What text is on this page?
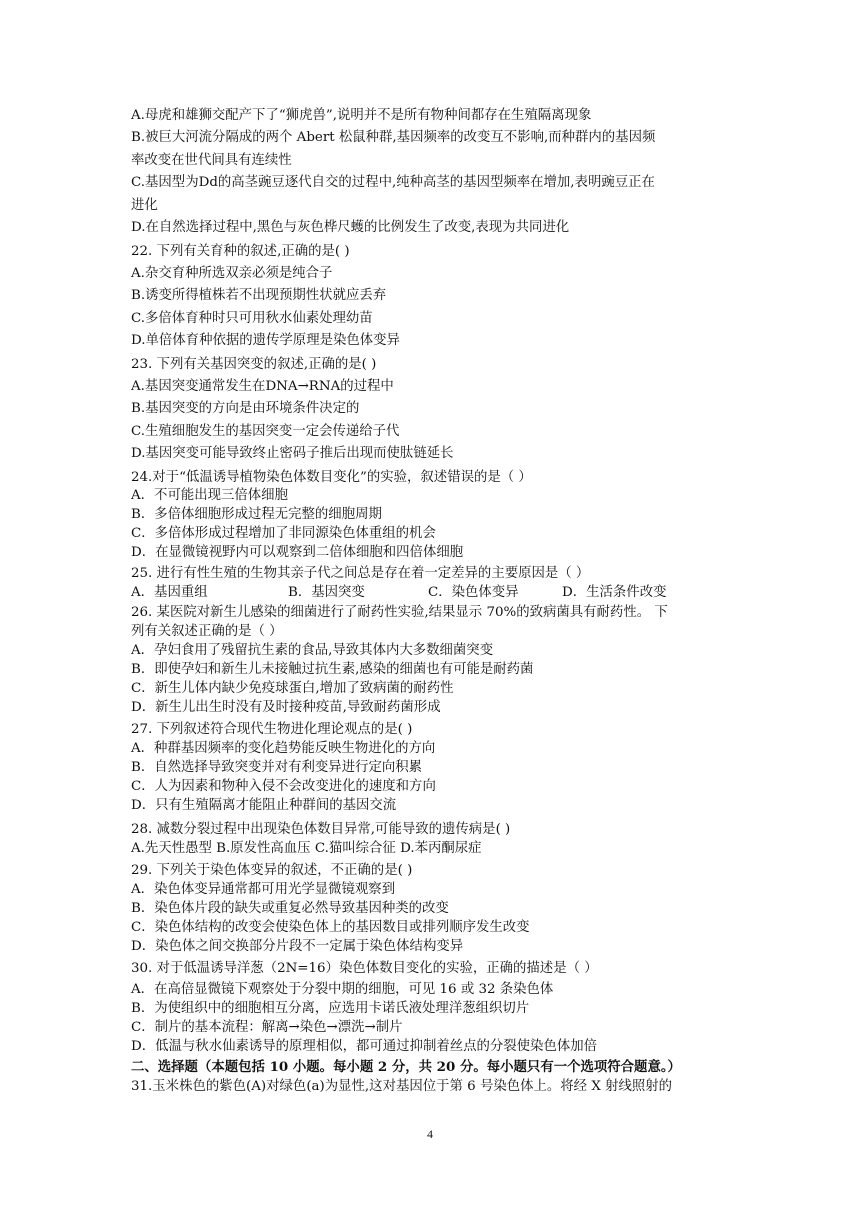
A.母虎和雄狮交配产下了“狮虎兽”,说明并不是所有物种间都存在生殖隔离现象
B.被巨大河流分隔成的两个 Abert 松鼠种群,基因频率的改变互不影响,而种群内的基因频
率改变在世代间具有连续性
C.基因型为Dd的高茎豌豆逐代自交的过程中,纯种高茎的基因型频率在增加,表明豌豆正在
进化
D.在自然选择过程中,黑色与灰色桦尺蠖的比例发生了改变,表现为共同进化
22. 下列有关育种的叙述,正确的是( )
A.杂交育种所选双亲必须是纯合子
B.诱变所得植株若不出现预期性状就应丢弃
C.多倍体育种时只可用秋水仙素处理幼苗
D.单倍体育种依据的遗传学原理是染色体变异
23. 下列有关基因突变的叙述,正确的是( )
A.基因突变通常发生在DNA→RNA的过程中
B.基因突变的方向是由环境条件决定的
C.生殖细胞发生的基因突变一定会传递给子代
D.基因突变可能导致终止密码子推后出现而使肽链延长
24.对于“低温诱导植物染色体数目变化”的实验，叙述错误的是（ ）
A．不可能出现三倍体细胞
B．多倍体细胞形成过程无完整的细胞周期
C．多倍体形成过程增加了非同源染色体重组的机会
D．在显微镜视野内可以观察到二倍体细胞和四倍体细胞
25. 进行有性生殖的生物其亲子代之间总是存在着一定差异的主要原因是（ ）
A．基因重组	B．基因突变	C．染色体变异	D．生活条件改变
26. 某医院对新生儿感染的细菌进行了耐药性实验,结果显示 70%的致病菌具有耐药性。 下
列有关叙述正确的是（ ）
A．孕妇食用了残留抗生素的食品,导致其体内大多数细菌突变
B．即使孕妇和新生儿未接触过抗生素,感染的细菌也有可能是耐药菌
C．新生儿体内缺少免疫球蛋白,增加了致病菌的耐药性
D．新生儿出生时没有及时接种疫苗,导致耐药菌形成
27. 下列叙述符合现代生物进化理论观点的是( )
A．种群基因频率的变化趋势能反映生物进化的方向
B．自然选择导致突变并对有利变异进行定向积累
C．人为因素和物种入侵不会改变进化的速度和方向
D．只有生殖隔离才能阻止种群间的基因交流
28. 减数分裂过程中出现染色体数目异常,可能导致的遗传病是( )
A.先天性愚型 B.原发性高血压 C.猫叫综合征 D.苯丙酮尿症
29. 下列关于染色体变异的叙述，不正确的是( )
A．染色体变异通常都可用光学显微镜观察到
B．染色体片段的缺失或重复必然导致基因种类的改变
C．染色体结构的改变会使染色体上的基因数目或排列顺序发生改变
D．染色体之间交换部分片段不一定属于染色体结构变异
30. 对于低温诱导洋葱（2N=16）染色体数目变化的实验，正确的描述是（ ）
A．在高倍显微镜下观察处于分裂中期的细胞，可见 16 或 32 条染色体
B．为使组织中的细胞相互分离，应选用卡诺氏液处理洋葱组织切片
C．制片的基本流程：解离→染色→漂洗→制片
D．低温与秋水仙素诱导的原理相似，都可通过抑制着丝点的分裂使染色体加倍
二、选择题（本题包括 10 小题。每小题 2 分，共 20 分。每小题只有一个选项符合题意。）
31.玉米株色的紫色(A)对绿色(a)为显性,这对基因位于第 6 号染色体上。将经 X 射线照射的
4
